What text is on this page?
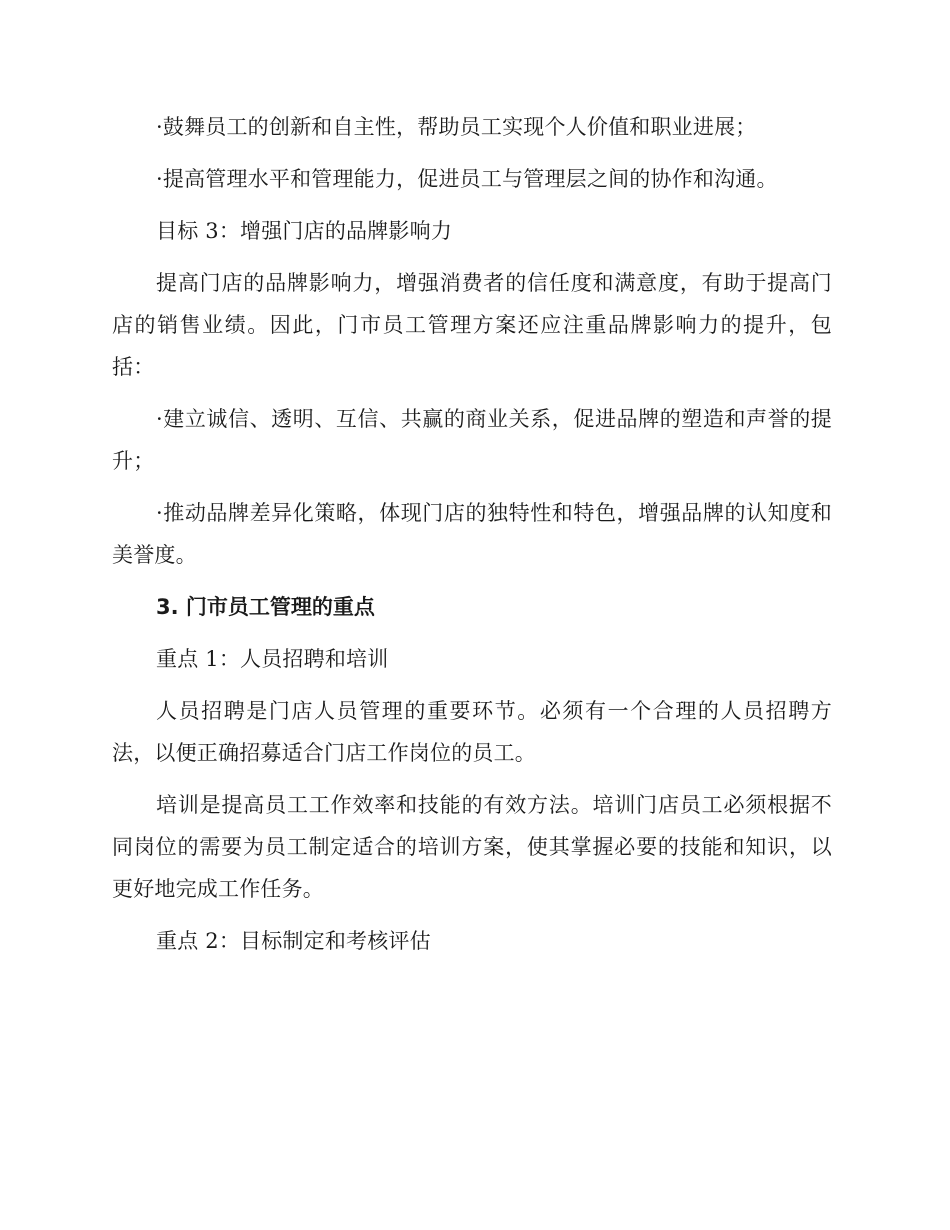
·鼓舞员工的创新和自主性，帮助员工实现个人价值和职业进展；

·提高管理水平和管理能力，促进员工与管理层之间的协作和沟通。

目标 3：增强门店的品牌影响力

提高门店的品牌影响力，增强消费者的信任度和满意度，有助于提高门店的销售业绩。因此，门市员工管理方案还应注重品牌影响力的提升，包括：

·建立诚信、透明、互信、共赢的商业关系，促进品牌的塑造和声誉的提升；

·推动品牌差异化策略，体现门店的独特性和特色，增强品牌的认知度和美誉度。

3. 门市员工管理的重点

重点 1：人员招聘和培训

人员招聘是门店人员管理的重要环节。必须有一个合理的人员招聘方法，以便正确招募适合门店工作岗位的员工。

培训是提高员工工作效率和技能的有效方法。培训门店员工必须根据不同岗位的需要为员工制定适合的培训方案，使其掌握必要的技能和知识，以更好地完成工作任务。

重点 2：目标制定和考核评估
